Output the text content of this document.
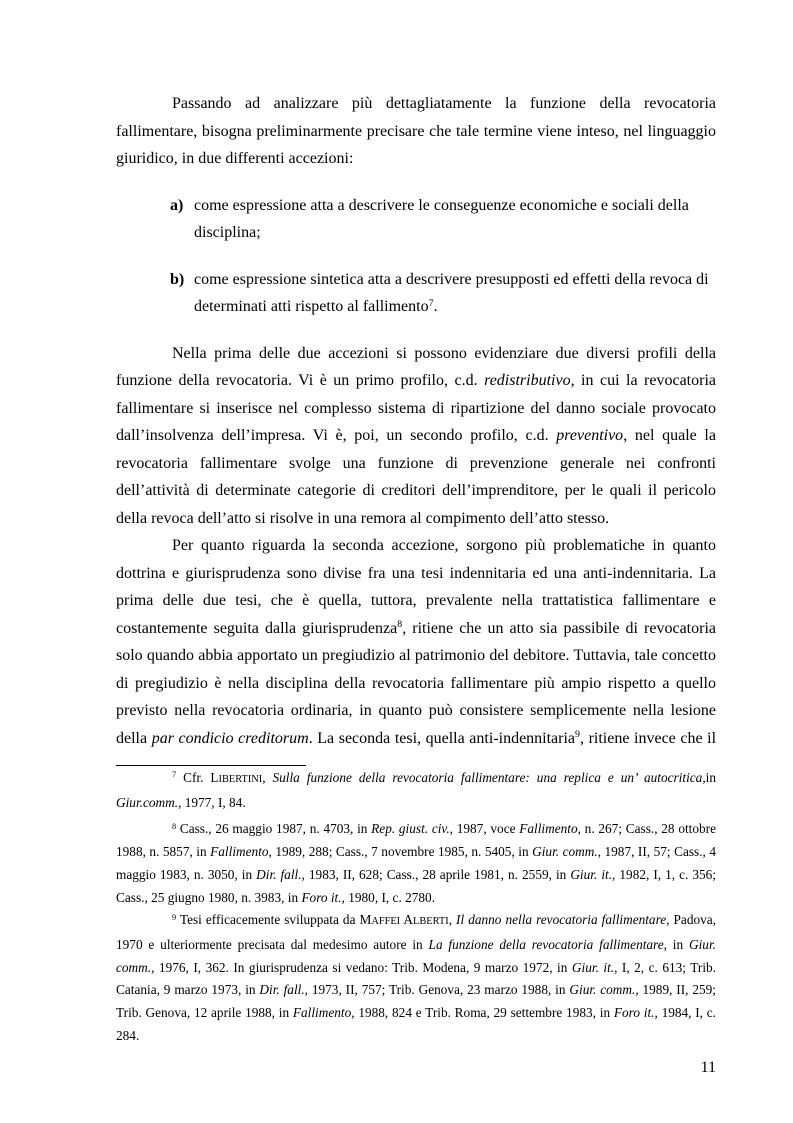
Passando ad analizzare più dettagliatamente la funzione della revocatoria
fallimentare, bisogna preliminarmente precisare che tale termine viene inteso, nel linguaggio
giuridico, in due differenti accezioni:
a) come espressione atta a descrivere le conseguenze economiche e sociali della
disciplina;
b) come espressione sintetica atta a descrivere presupposti ed effetti della revoca di
determinati atti rispetto al fallimento$^7$.
Nella prima delle due accezioni si possono evidenziare due diversi profili della
funzione della revocatoria. Vi è un primo profilo, c.d. redistributivo, in cui la revocatoria
fallimentare si inserisce nel complesso sistema di ripartizione del danno sociale provocato
dall’insolvenza dell’impresa. Vi è, poi, un secondo profilo, c.d. preventivo, nel quale la
revocatoria fallimentare svolge una funzione di prevenzione generale nei confronti
dell’attività di determinate categorie di creditori dell’imprenditore, per le quali il pericolo
della revoca dell’atto si risolve in una remora al compimento dell’atto stesso.
Per quanto riguarda la seconda accezione, sorgono più problematiche in quanto
dottrina e giurisprudenza sono divise fra una tesi indennitaria ed una anti-indennitaria. La
prima delle due tesi, che è quella, tuttora, prevalente nella trattatistica fallimentare e
costantemente seguita dalla giurisprudenza$^8$, ritiene che un atto sia passibile di revocatoria
solo quando abbia apportato un pregiudizio al patrimonio del debitore. Tuttavia, tale concetto
di pregiudizio è nella disciplina della revocatoria fallimentare più ampio rispetto a quello
previsto nella revocatoria ordinaria, in quanto può consistere semplicemente nella lesione
della par condicio creditorum. La seconda tesi, quella anti-indennitaria$^9$, ritiene invece che il
$^7$ Cfr. LIBERTINI, Sulla funzione della revocatoria fallimentare: una replica e un’ autocritica,in
Giur.comm., 1977, I, 84.
$^8$ Cass., 26 maggio 1987, n. 4703, in Rep. giust. civ., 1987, voce Fallimento, n. 267; Cass., 28 ottobre
1988, n. 5857, in Fallimento, 1989, 288; Cass., 7 novembre 1985, n. 5405, in Giur. comm., 1987, II, 57; Cass., 4
maggio 1983, n. 3050, in Dir. fall., 1983, II, 628; Cass., 28 aprile 1981, n. 2559, in Giur. it., 1982, I, 1, c. 356;
Cass., 25 giugno 1980, n. 3983, in Foro it., 1980, I, c. 2780.
$^9$ Tesi efficacemente sviluppata da MAFFEI ALBERTI, Il danno nella revocatoria fallimentare, Padova,
1970 e ulteriormente precisata dal medesimo autore in La funzione della revocatoria fallimentare, in Giur.
comm., 1976, I, 362. In giurisprudenza si vedano: Trib. Modena, 9 marzo 1972, in Giur. it., I, 2, c. 613; Trib.
Catania, 9 marzo 1973, in Dir. fall., 1973, II, 757; Trib. Genova, 23 marzo 1988, in Giur. comm., 1989, II, 259;
Trib. Genova, 12 aprile 1988, in Fallimento, 1988, 824 e Trib. Roma, 29 settembre 1983, in Foro it., 1984, I, c.
284.
11
